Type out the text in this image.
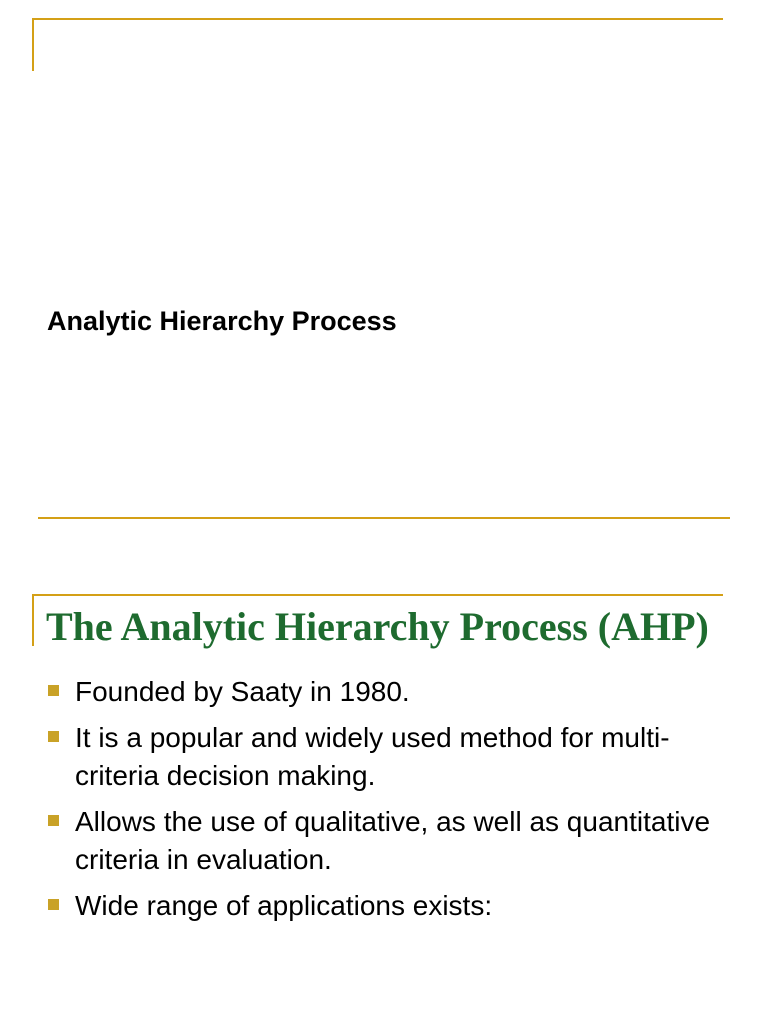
Analytic Hierarchy Process
The Analytic Hierarchy Process (AHP)
Founded by Saaty in 1980.
It is a popular and widely used method for multi-criteria decision making.
Allows the use of qualitative, as well as quantitative criteria in evaluation.
Wide range of applications exists:
